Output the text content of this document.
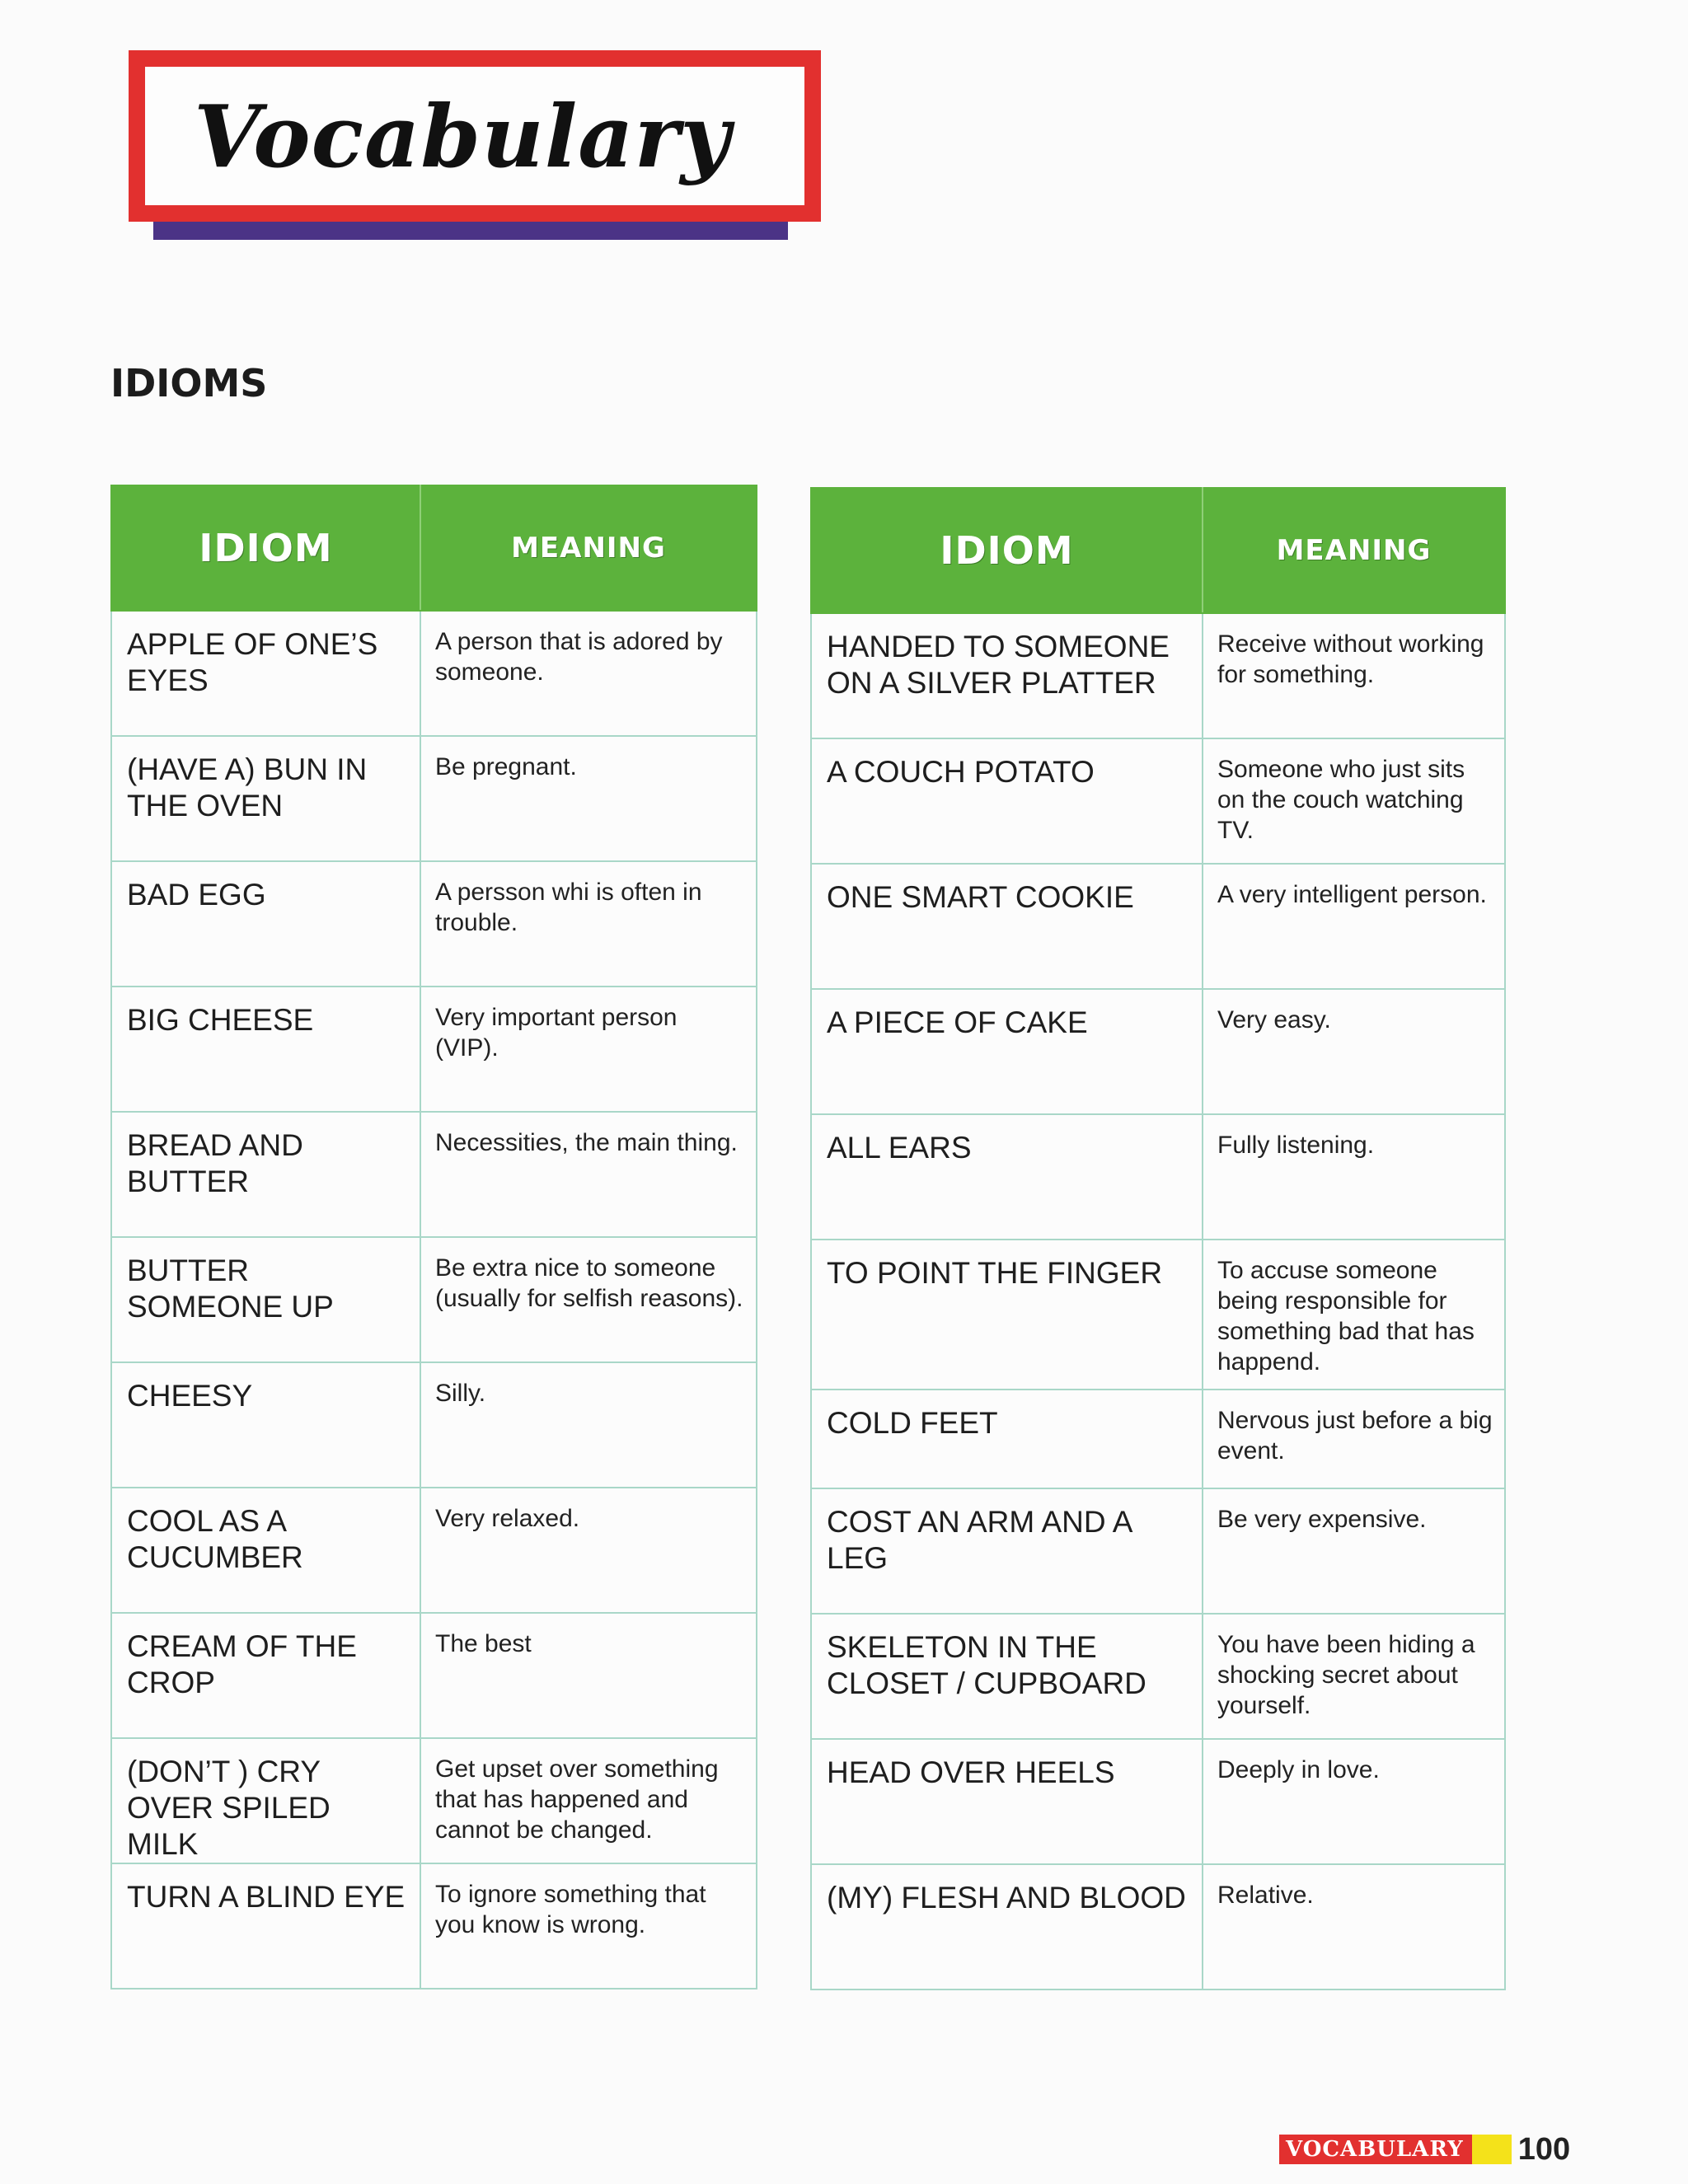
Vocabulary
IDIOMS
IDIOM	MEANING
APPLE OF ONE’S EYES	A person that is adored by someone.
(HAVE A) BUN IN THE OVEN	Be pregnant.
BAD EGG	A persson whi is often in trouble.
BIG CHEESE	Very important person (VIP).
BREAD AND BUTTER	Necessities, the main thing.
BUTTER SOMEONE UP	Be extra nice to someone (usually for selfish reasons).
CHEESY	Silly.
COOL AS A CUCUMBER	Very relaxed.
CREAM OF THE CROP	The best
(DON’T ) CRY OVER SPILED MILK	Get upset over something that has happened and cannot be changed.
TURN A BLIND EYE	To ignore something that you know is wrong.
IDIOM	MEANING
HANDED TO SOMEONE ON A SILVER PLATTER	Receive without working for something.
A COUCH POTATO	Someone who just sits on the couch watching TV.
ONE SMART COOKIE	A very intelligent person.
A PIECE OF CAKE	Very easy.
ALL EARS	Fully listening.
TO POINT THE FINGER	To accuse someone being responsible for something bad that has happend.
COLD FEET	Nervous just before a big event.
COST AN ARM AND A LEG	Be very expensive.
SKELETON IN THE CLOSET / CUPBOARD	You have been hiding a shocking secret about yourself.
HEAD OVER HEELS	Deeply in love.
(MY) FLESH AND BLOOD	Relative.
VOCABULARY 100
